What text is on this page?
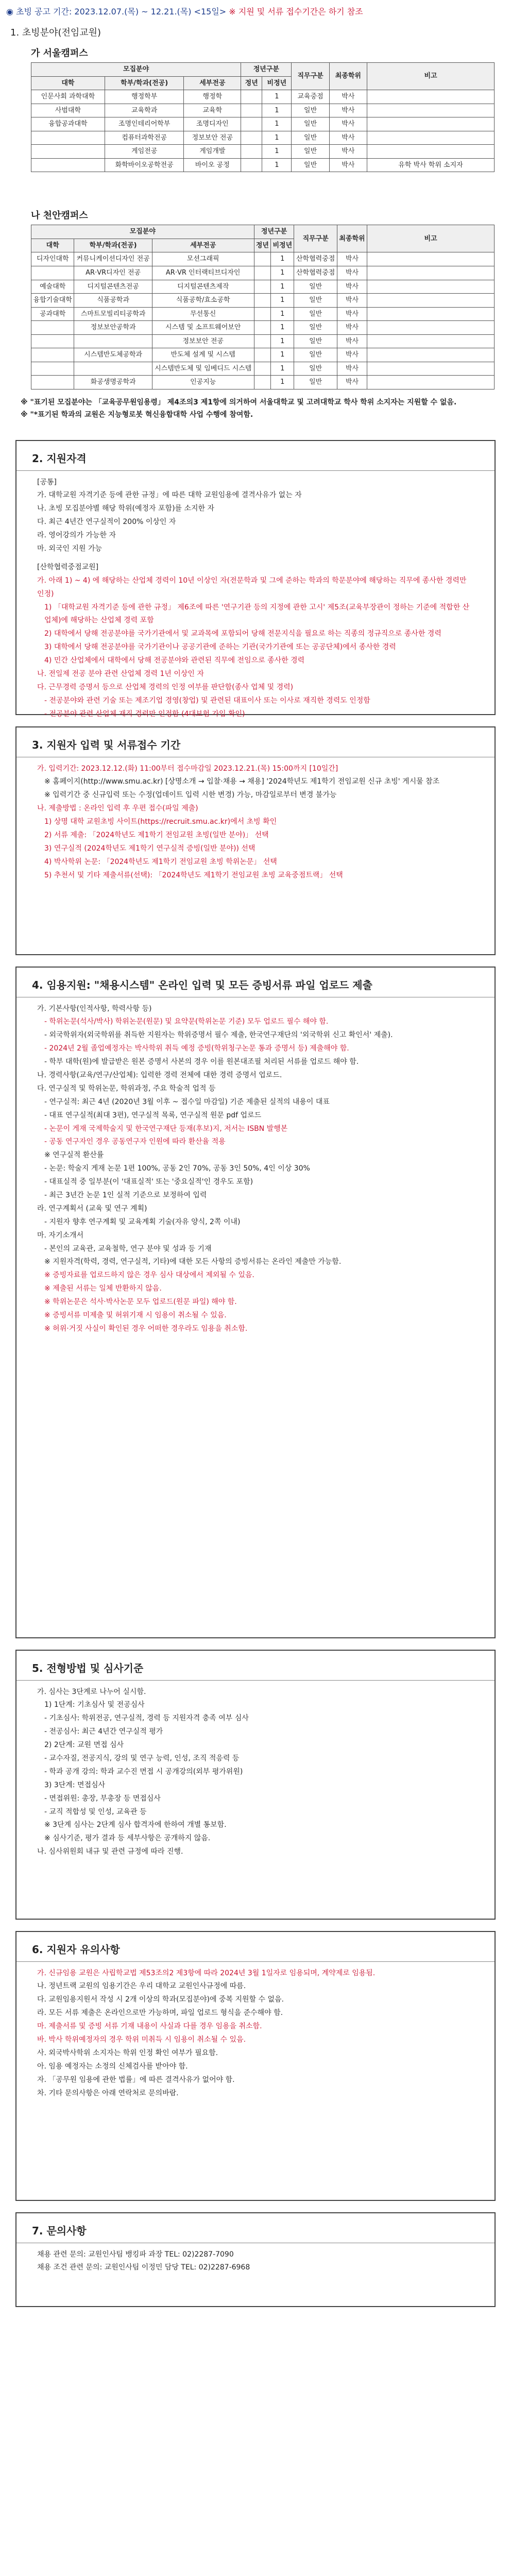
◉ 초빙 공고 기간: 2023.12.07.(목) ~ 12.21.(목) <15일> ※ 지원 및 서류 접수기간은 하기 참조
1. 초빙분야(전임교원)
가 서울캠퍼스
모집분야			정년구분		직무구분	최종학위	비고
대학	학부/학과(전공)	세부전공	정년	비정년			
인문사회 과학대학	행정학부	행정학		1	교육중점	박사	
사범대학	교육학과	교육학		1	일반	박사	
융합공과대학	조명인테리어학부	조명디자인		1	일반	박사	
	컴퓨터과학전공	정보보안 전공		1	일반	박사	
	게임전공	게임개발		1	일반	박사	
	화학바이오공학전공	바이오 공정		1	일반	박사	유학 박사 학위 소지자
나 천안캠퍼스
모집분야			정년구분		직무구분	최종학위	비고
대학	학부/학과(전공)	세부전공	정년	비정년			
디자인대학	커뮤니케이션디자인 전공	모션그래픽		1	산학협력중점	박사	
	AR·VR디자인 전공	AR·VR 인터랙티브디자인		1	산학협력중점	박사	
예술대학	디지털콘텐츠전공	디지털콘텐츠제작		1	일반	박사	
융합기술대학	식품공학과	식품공학/효소공학		1	일반	박사	
공과대학	스마트모빌리티공학과	무선통신		1	일반	박사	
	정보보안공학과	시스템 및 소프트웨어보안		1	일반	박사	
		정보보안 전공		1	일반	박사	
	시스템반도체공학과	반도체 설계 및 시스템		1	일반	박사	
		시스템반도체 및 임베디드 시스템		1	일반	박사	
	화공생명공학과	인공지능		1	일반	박사	
※ "표기된 모집분야는 「교육공무원임용령」 제4조의3 제1항에 의거하여 서울대학교 및 고려대학교 학사 학위 소지자는 지원할 수 없음.
※ "*표기된 학과의 교원은 지능형로봇 혁신융합대학 사업 수행에 참여함.
2. 지원자격
[공통]
가. 대학교원 자격기준 등에 관한 규정」에 따른 대학 교원임용에 결격사유가 없는 자
나. 초빙 모집분야별 해당 학위(예정자 포함)를 소지한 자
다. 최근 4년간 연구실적이 200% 이상인 자
라. 영어강의가 가능한 자
마. 외국인 지원 가능
[산학협력중점교원]
가. 아래 1) ~ 4) 에 해당하는 산업체 경력이 10년 이상인 자(전문학과 및 그에 준하는 학과의 학문분야에 해당하는 직무에 종사한 경력만 인정)
1) 「대학교원 자격기준 등에 관한 규정」 제6조에 따른 '연구기관 등의 지정에 관한 고시' 제5조(교육부장관이 정하는 기준에 적합한 산업체)에 해당하는 산업체 경력 포함
2) 대학에서 당해 전공분야를 국가기관에서 및 교과목에 포함되어 당해 전문지식을 필요로 하는 직종의 정규직으로 종사한 경력
3) 대학에서 당해 전공분야를 국가기관이나 공공기관에 준하는 기관(국가기관에 또는 공공단체)에서 종사한 경력
4) 민간 산업체에서 대학에서 당해 전공분야와 관련된 직무에 전임으로 종사한 경력
나. 전일제 전공 분야 관련 산업체 경력 1년 이상인 자
다. 근무경력 증명서 등으로 산업체 경력의 인정 여부를 판단함(종사 업체 및 경력)
- 전공분야와 관련 기술 또는 제조기업 경영(창업) 및 관련된 대표이사 또는 이사로 재직한 경력도 인정함
- 전공분야 관련 산업체 재직 경력만 인정함 (4대보험 가입 확인)
3. 지원자 입력 및 서류접수 기간
가. 입력기간: 2023.12.12.(화) 11:00부터 접수마감일 2023.12.21.(목) 15:00까지 [10일간]
※ 홈페이지(http://www.smu.ac.kr) [상명소개 → 입찰·채용 → 채용] '2024학년도 제1학기 전임교원 신규 초빙' 게시물 참조
※ 입력기간 중 신규입력 또는 수정(업데이트 입력 시한 변경) 가능, 마감일로부터 변경 불가능
나. 제출방법 : 온라인 입력 후 우편 접수(파일 제출)
1) 상명 대학 교원초빙 사이트(https://recruit.smu.ac.kr)에서 초빙 확인
2) 서류 제출: 「2024학년도 제1학기 전임교원 초빙(일반 분야)」 선택
3) 연구실적 (2024학년도 제1학기 연구실적 증빙(일반 분야)) 선택
4) 박사학위 논문: 「2024학년도 제1학기 전임교원 초빙 학위논문」 선택
5) 추천서 및 기타 제출서류(선택): 「2024학년도 제1학기 전임교원 초빙 교육중점트랙」 선택
4. 임용지원: "채용시스템" 온라인 입력 및 모든 증빙서류 파일 업로드 제출
가. 기본사항(인적사항, 학력사항 등)
- 학위논문(석사/박사) 학위논문(원문) 및 요약문(학위논문 기준) 모두 업로드 필수 해야 함.
- 외국학위자(외국학위를 취득한 지원자는 학위증명서 필수 제출, 한국연구재단의 '외국학위 신고 확인서' 제출).
- 2024년 2월 졸업예정자는 박사학위 취득 예정 증빙(학위청구논문 통과 증명서 등) 제출해야 함.
- 학부 대학(원)에 발급받은 원본 증명서 사본의 경우 이를 원본대조필 처리된 서류를 업로드 해야 함.
나. 경력사항(교육/연구/산업체): 입력한 경력 전체에 대한 경력 증명서 업로드.
다. 연구실적 및 학위논문, 학위과정, 주요 학술적 업적 등
- 연구실적: 최근 4년 (2020년 3월 이후 ~ 접수일 마감일) 기준 제출된 실적의 내용이 대표
- 대표 연구실적(최대 3편), 연구실적 목록, 연구실적 원문 pdf 업로드
- 논문이 게재 국제학술지 및 한국연구재단 등재(후보)지, 저서는 ISBN 발행본
- 공동 연구자인 경우 공동연구자 인원에 따라 환산율 적용
※ 연구실적 환산률
- 논문: 학술지 게재 논문 1편 100%, 공동 2인 70%, 공동 3인 50%, 4인 이상 30%
- 대표실적 중 일부분(이 '대표실적' 또는 '중요실적'인 경우도 포함)
- 최근 3년간 논문 1인 실적 기준으로 보정하여 입력
라. 연구계획서 (교육 및 연구 계획)
- 지원자 향후 연구계획 및 교육계획 기술(자유 양식, 2쪽 이내)
마. 자기소개서
- 본인의 교육관, 교육철학, 연구 분야 및 성과 등 기재
※ 지원자격(학력, 경력, 연구실적, 기타)에 대한 모든 사항의 증빙서류는 온라인 제출만 가능함.
※ 증빙자료를 업로드하지 않은 경우 심사 대상에서 제외될 수 있음.
※ 제출된 서류는 일체 반환하지 않음.
※ 학위논문은 석사·박사논문 모두 업로드(원문 파일) 해야 함.
※ 증빙서류 미제출 및 허위기재 시 임용이 취소될 수 있음.
※ 허위·거짓 사실이 확인된 경우 어떠한 경우라도 임용을 취소함.
5. 전형방법 및 심사기준
가. 심사는 3단계로 나누어 실시함.
1) 1단계: 기초심사 및 전공심사
- 기초심사: 학위전공, 연구실적, 경력 등 지원자격 충족 여부 심사
- 전공심사: 최근 4년간 연구실적 평가
2) 2단계: 교원 면접 심사
- 교수자질, 전공지식, 강의 및 연구 능력, 인성, 조직 적응력 등
- 학과 공개 강의: 학과 교수진 면접 시 공개강의(외부 평가위원)
3) 3단계: 면접심사
- 면접위원: 총장, 부총장 등 면접심사
- 교직 적합성 및 인성, 교육관 등
※ 3단계 심사는 2단계 심사 합격자에 한하여 개별 통보함.
※ 심사기준, 평가 결과 등 세부사항은 공개하지 않음.
나. 심사위원회 내규 및 관련 규정에 따라 진행.
6. 지원자 유의사항
가. 신규임용 교원은 사립학교법 제53조의2 제3항에 따라 2024년 3월 1일자로 임용되며, 계약제로 임용됨.
나. 정년트랙 교원의 임용기간은 우리 대학교 교원인사규정에 따름.
다. 교원임용지원서 작성 시 2개 이상의 학과(모집분야)에 중복 지원할 수 없음.
라. 모든 서류 제출은 온라인으로만 가능하며, 파일 업로드 형식을 준수해야 함.
마. 제출서류 및 증빙 서류 기재 내용이 사실과 다를 경우 임용을 취소함.
바. 박사 학위예정자의 경우 학위 미취득 시 임용이 취소될 수 있음.
사. 외국박사학위 소지자는 학위 인정 확인 여부가 필요함.
아. 임용 예정자는 소정의 신체검사를 받아야 함.
자. 「공무원 임용에 관한 법률」에 따른 결격사유가 없어야 함.
차. 기타 문의사항은 아래 연락처로 문의바람.
7. 문의사항
채용 관련 문의: 교원인사팀 뱅킹파 과장 TEL: 02)2287-7090
채용 조건 관련 문의: 교원인사팀 이정민 담당 TEL: 02)2287-6968
